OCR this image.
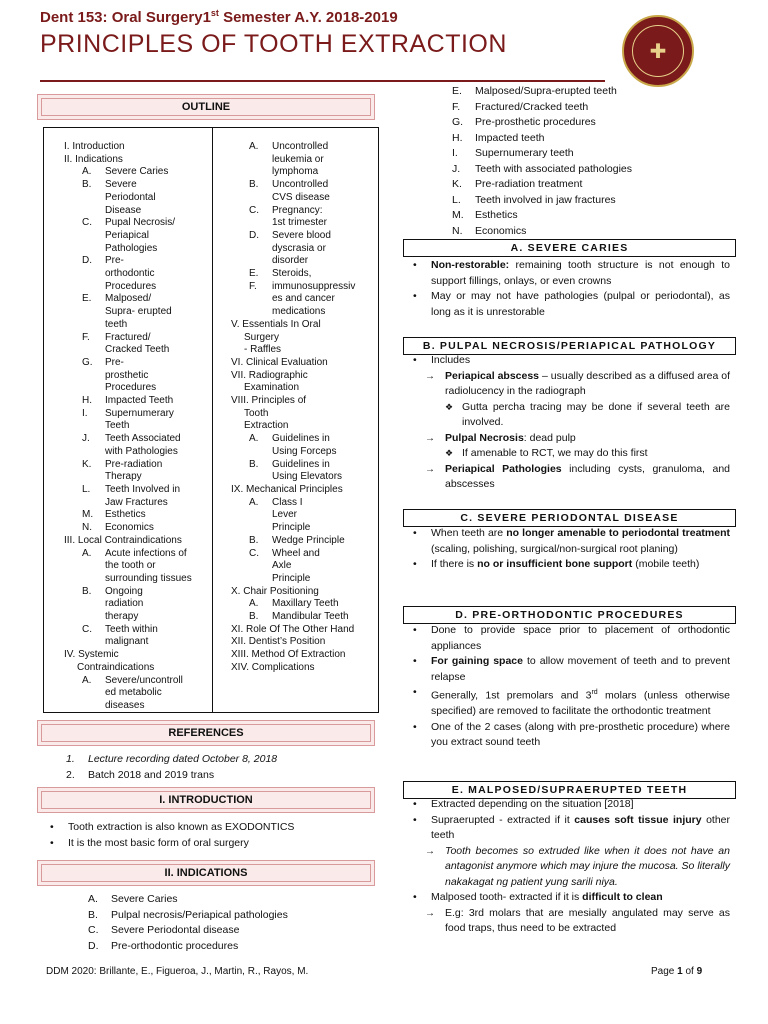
Dent 153: Oral Surgery1st Semester A.Y. 2018-2019
PRINCIPLES OF TOOTH EXTRACTION	✚
OUTLINE
I. Introduction
II. Indications
A. Severe Caries
B. Severe
Periodontal
Disease
C. Pupal Necrosis/
Periapical
Pathologies
D. Pre-
orthodontic
Procedures
E. Malposed/
Supra- erupted
teeth
F. Fractured/
Cracked Teeth
G. Pre-
prosthetic
Procedures
H. Impacted Teeth
I. Supernumerary
Teeth
J. Teeth Associated
with Pathologies
K. Pre-radiation
Therapy
L. Teeth Involved in
Jaw Fractures
M. Esthetics
N. Economics
III. Local Contraindications
A. Acute infections of
the tooth or
surrounding tissues
B. Ongoing
radiation
therapy
C. Teeth within
malignant
IV. Systemic
Contraindications
A. Severe/uncontroll
ed metabolic
diseases
A. Uncontrolled
leukemia or
lymphoma
B. Uncontrolled
CVS disease
C. Pregnancy:
1st trimester
D. Severe blood
dyscrasia or
disorder
E. Steroids,
F. immunosuppressiv
es and cancer
medications
V. Essentials In Oral
Surgery
- Raffles
VI. Clinical Evaluation
VII. Radiographic
Examination
VIII. Principles of
Tooth
Extraction
A. Guidelines in
Using Forceps
B. Guidelines in
Using Elevators
IX. Mechanical Principles
A. Class I
Lever
Principle
B. Wedge Principle
C. Wheel and
Axle
Principle
X. Chair Positioning
A. Maxillary Teeth
B. Mandibular Teeth
XI. Role Of The Other Hand
XII. Dentist’s Position
XIII. Method Of Extraction
XIV. Complications
REFERENCES
1. Lecture recording dated October 8, 2018
2. Batch 2018 and 2019 trans
I. INTRODUCTION
• Tooth extraction is also known as EXODONTICS
• It is the most basic form of oral surgery
II. INDICATIONS
A. Severe Caries
B. Pulpal necrosis/Periapical pathologies
C. Severe Periodontal disease
D. Pre-orthodontic procedures
E. Malposed/Supra-erupted teeth
F. Fractured/Cracked teeth
G. Pre-prosthetic procedures
H. Impacted teeth
I. Supernumerary teeth
J. Teeth with associated pathologies
K. Pre-radiation treatment
L. Teeth involved in jaw fractures
M. Esthetics
N. Economics
A. SEVERE CARIES
• Non-restorable: remaining tooth structure is not enough to support fillings, onlays, or even crowns
• May or may not have pathologies (pulpal or periodontal), as long as it is unrestorable
B. PULPAL NECROSIS/PERIAPICAL PATHOLOGY
• Includes
→ Periapical abscess – usually described as a diffused area of radiolucency in the radiograph
❖ Gutta percha tracing may be done if several teeth are involved.
→ Pulpal Necrosis: dead pulp
❖ If amenable to RCT, we may do this first
→ Periapical Pathologies including cysts, granuloma, and abscesses
C. SEVERE PERIODONTAL DISEASE
• When teeth are no longer amenable to periodontal treatment (scaling, polishing, surgical/non-surgical root planing)
• If there is no or insufficient bone support (mobile teeth)
D. PRE-ORTHODONTIC PROCEDURES
• Done to provide space prior to placement of orthodontic appliances
• For gaining space to allow movement of teeth and to prevent relapse
• Generally, 1st premolars and 3rd molars (unless otherwise specified) are removed to facilitate the orthodontic treatment
• One of the 2 cases (along with pre-prosthetic procedure) where you extract sound teeth
E. MALPOSED/SUPRAERUPTED TEETH
• Extracted depending on the situation [2018]
• Supraerupted - extracted if it causes soft tissue injury other teeth
→ Tooth becomes so extruded like when it does not have an antagonist anymore which may injure the mucosa. So literally nakakagat ng patient yung sarili niya.
• Malposed tooth- extracted if it is difficult to clean
→ E.g: 3rd molars that are mesially angulated may serve as food traps, thus need to be extracted
DDM 2020: Brillante, E., Figueroa, J., Martin, R., Rayos, M.	Page 1 of 9
